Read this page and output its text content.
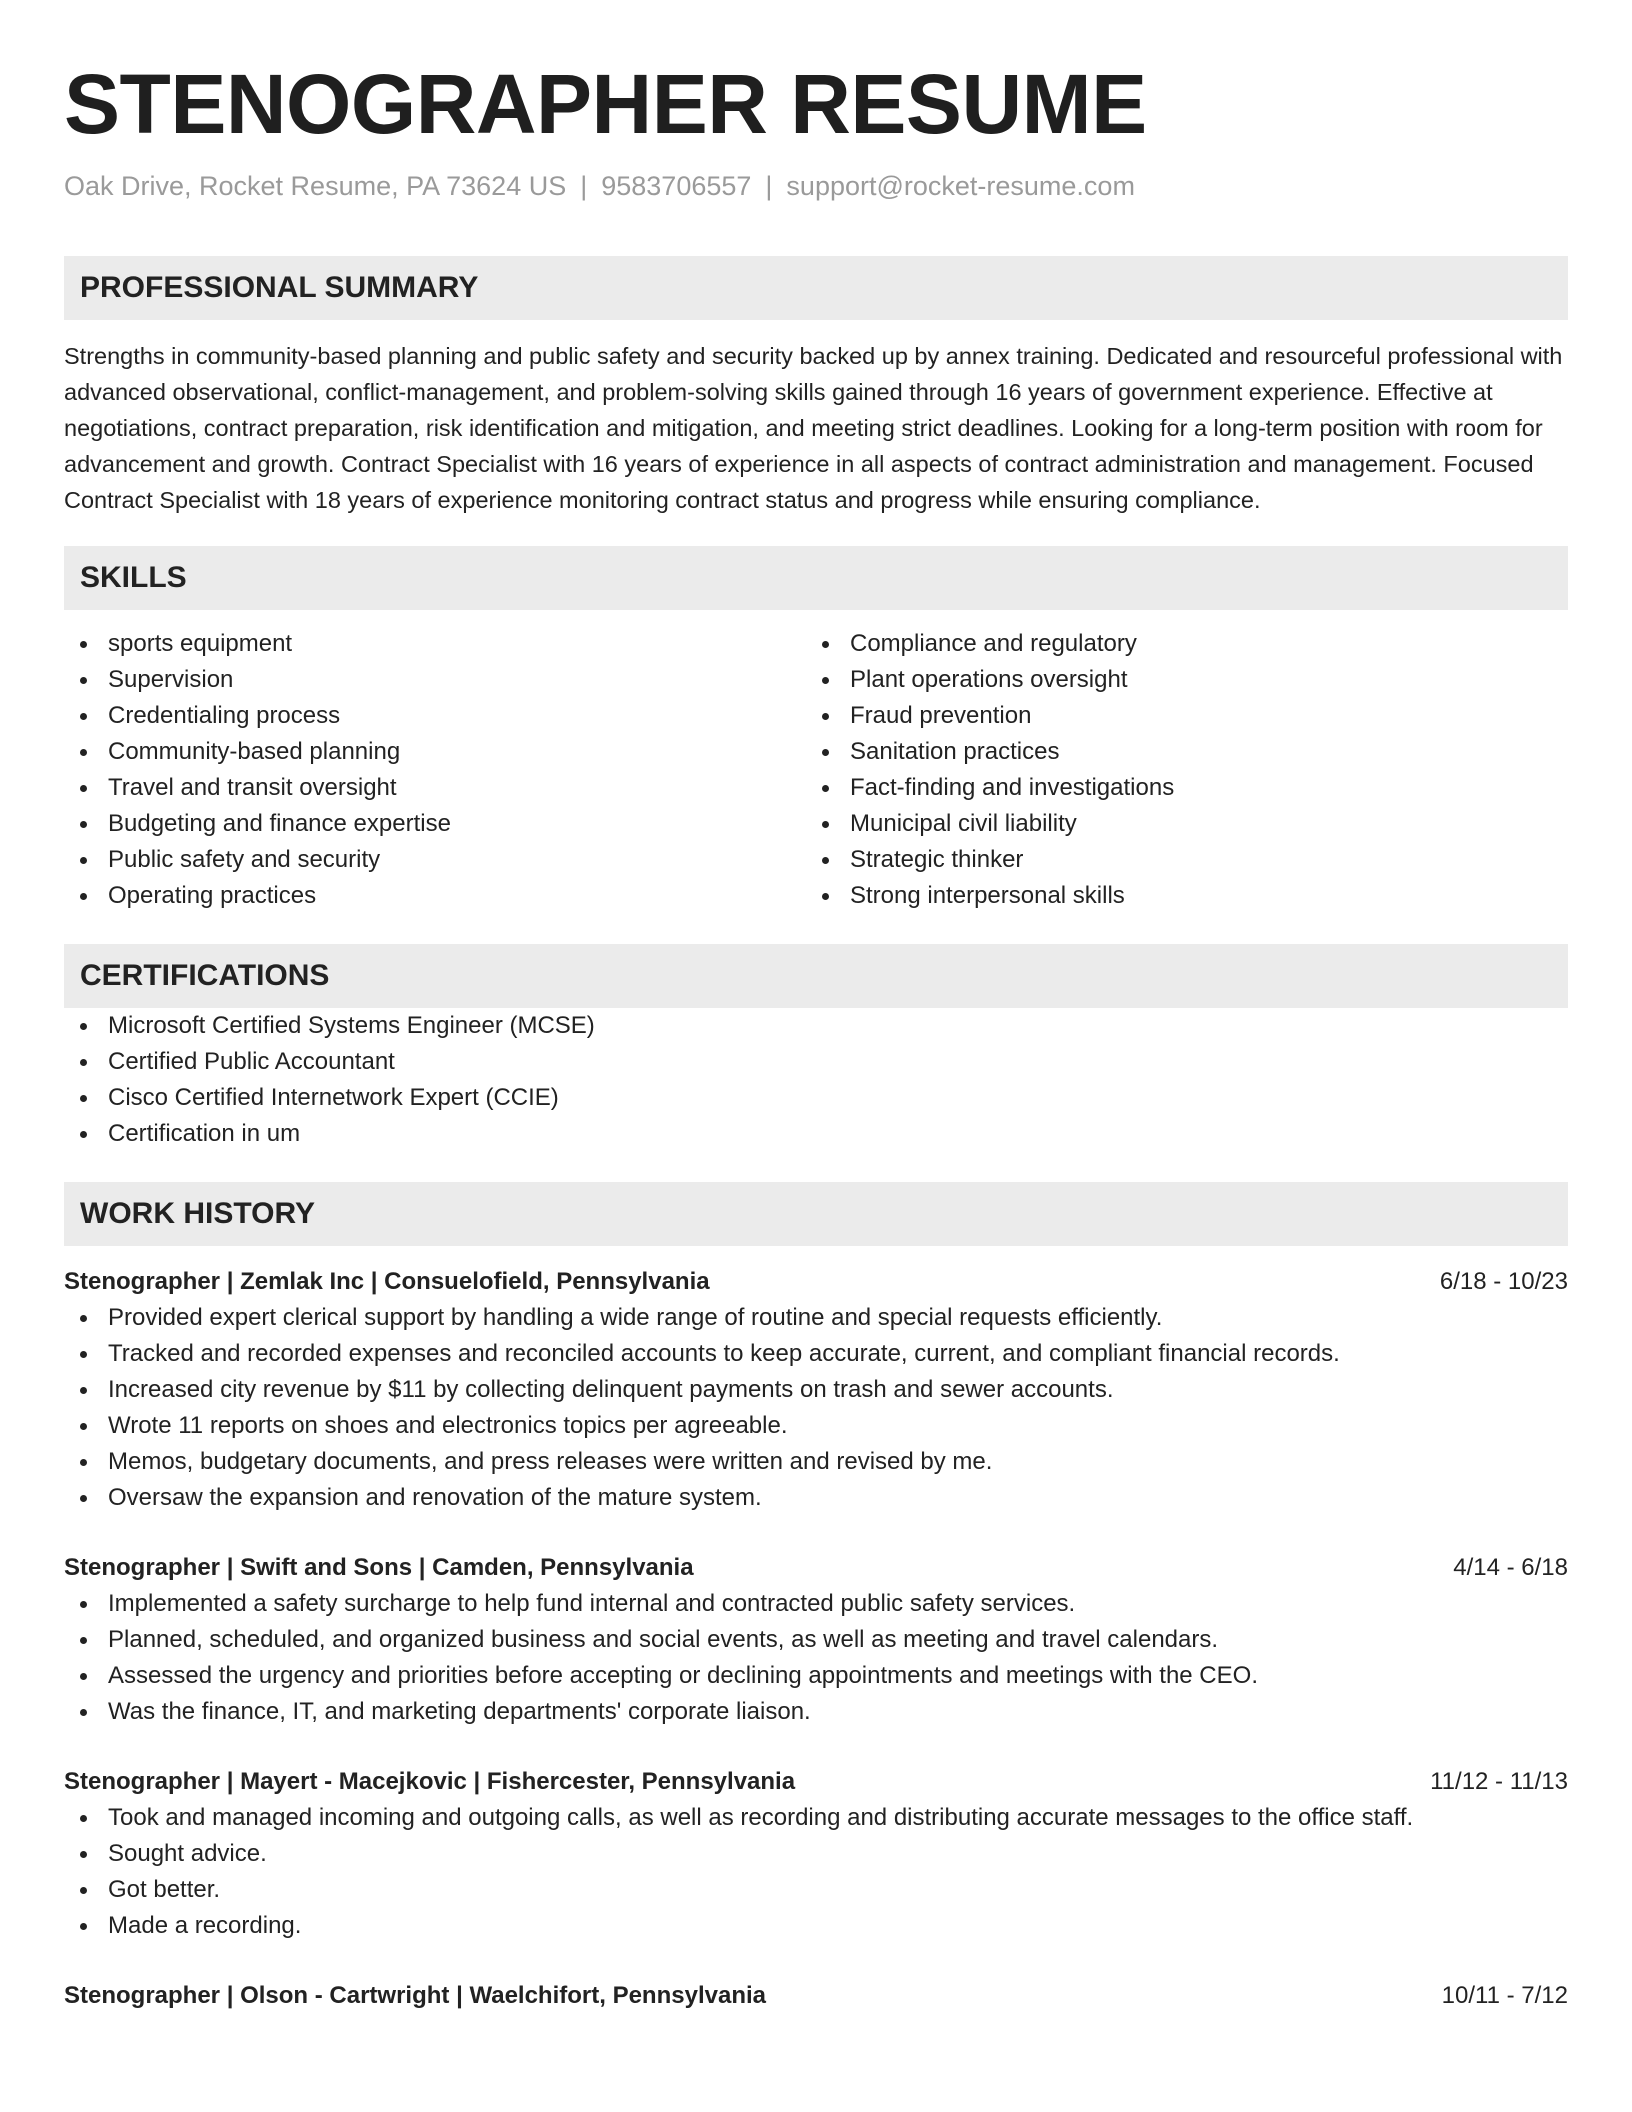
STENOGRAPHER RESUME
Oak Drive, Rocket Resume, PA 73624 US | 9583706557 | support@rocket-resume.com
PROFESSIONAL SUMMARY
Strengths in community-based planning and public safety and security backed up by annex training. Dedicated and resourceful professional with advanced observational, conflict-management, and problem-solving skills gained through 16 years of government experience. Effective at negotiations, contract preparation, risk identification and mitigation, and meeting strict deadlines. Looking for a long-term position with room for advancement and growth. Contract Specialist with 16 years of experience in all aspects of contract administration and management. Focused Contract Specialist with 18 years of experience monitoring contract status and progress while ensuring compliance.
SKILLS
sports equipment
Supervision
Credentialing process
Community-based planning
Travel and transit oversight
Budgeting and finance expertise
Public safety and security
Operating practices
Compliance and regulatory
Plant operations oversight
Fraud prevention
Sanitation practices
Fact-finding and investigations
Municipal civil liability
Strategic thinker
Strong interpersonal skills
CERTIFICATIONS
Microsoft Certified Systems Engineer (MCSE)
Certified Public Accountant
Cisco Certified Internetwork Expert (CCIE)
Certification in um
WORK HISTORY
Stenographer | Zemlak Inc | Consuelofield, Pennsylvania	6/18 - 10/23
Provided expert clerical support by handling a wide range of routine and special requests efficiently.
Tracked and recorded expenses and reconciled accounts to keep accurate, current, and compliant financial records.
Increased city revenue by $11 by collecting delinquent payments on trash and sewer accounts.
Wrote 11 reports on shoes and electronics topics per agreeable.
Memos, budgetary documents, and press releases were written and revised by me.
Oversaw the expansion and renovation of the mature system.
Stenographer | Swift and Sons | Camden, Pennsylvania	4/14 - 6/18
Implemented a safety surcharge to help fund internal and contracted public safety services.
Planned, scheduled, and organized business and social events, as well as meeting and travel calendars.
Assessed the urgency and priorities before accepting or declining appointments and meetings with the CEO.
Was the finance, IT, and marketing departments' corporate liaison.
Stenographer | Mayert - Macejkovic | Fishercester, Pennsylvania	11/12 - 11/13
Took and managed incoming and outgoing calls, as well as recording and distributing accurate messages to the office staff.
Sought advice.
Got better.
Made a recording.
Stenographer | Olson - Cartwright | Waelchifort, Pennsylvania	10/11 - 7/12
